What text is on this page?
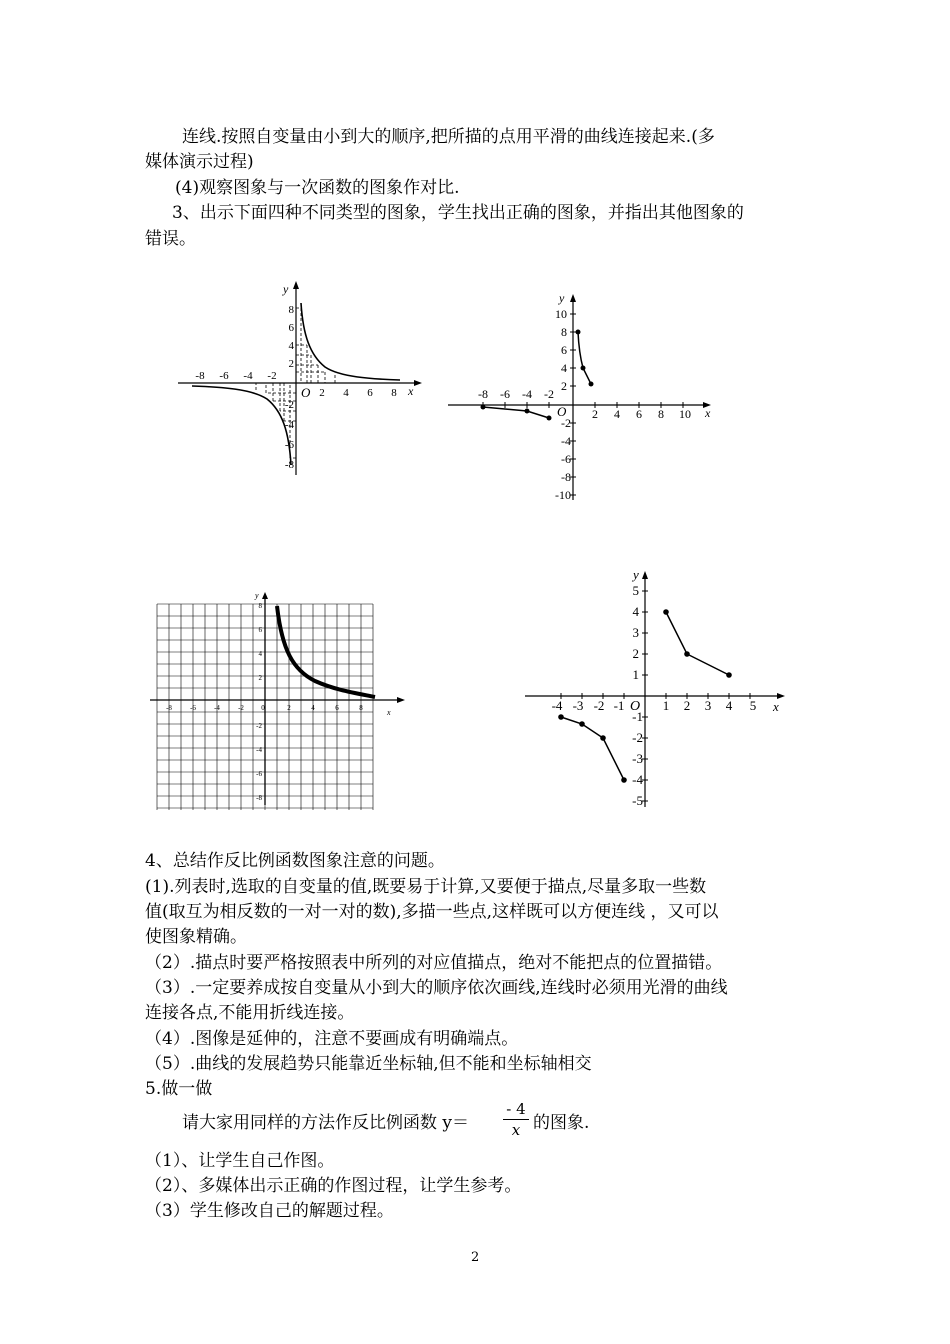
连线.按照自变量由小到大的顺序,把所描的点用平滑的曲线连接起来.(多
媒体演示过程)
(4)观察图象与一次函数的图象作对比.
3、出示下面四种不同类型的图象，学生找出正确的图象，并指出其他图象的
错误。
y
x
O
-8 -6 -4 -2
2 4 6 8
8
6
4
2
-2
-4
-6
-8
y
x
O
-8 -6 -4 -2
2 4 6 8 10
10
8
6
4
2
-2
-4
-6
-8
-10
y
x
-8	-6	-4	-2 0	2	4	6	8
8
6
4
2
-2
-4
-6
-8
y
x
O
-4 -3 -2 -1	1 2 3 4 5
5
4
3
2
1
-1
-2
-3
-4
-5
4、总结作反比例函数图象注意的问题。
(1).列表时,选取的自变量的值,既要易于计算,又要便于描点,尽量多取一些数
值(取互为相反数的一对一对的数),多描一些点,这样既可以方便连线 ，又可以
使图象精确。
（2）.描点时要严格按照表中所列的对应值描点，绝对不能把点的位置描错。
（3）.一定要养成按自变量从小到大的顺序依次画线,连线时必须用光滑的曲线
连接各点,不能用折线连接。
（4）.图像是延伸的，注意不要画成有明确端点。
（5）.曲线的发展趋势只能靠近坐标轴,但不能和坐标轴相交
5.做一做
请大家用同样的方法作反比例函数 y＝
- 4
x 的图象.
（1）、让学生自己作图。
（2）、多媒体出示正确的作图过程，让学生参考。
（3）学生修改自己的解题过程。
2
